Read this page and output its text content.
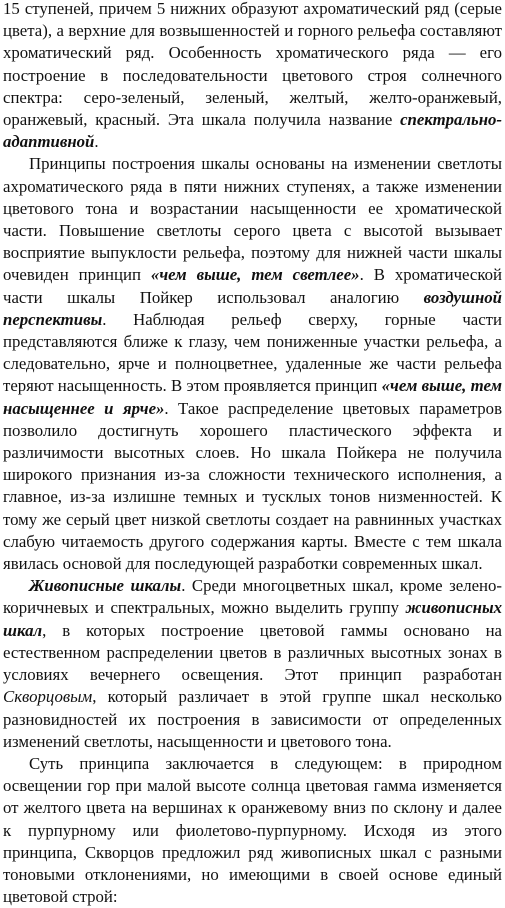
15 ступеней, причем 5 нижних образуют ахроматический ряд (серые цвета), а верхние для возвышенностей и горного рельефа составляют хроматический ряд. Особенность хроматического ряда — его построение в последовательности цветового строя солнечного спектра: серо-зеленый, зеленый, желтый, желто-оранжевый, оранжевый, красный. Эта шкала получила название спектрально-адаптивной.

Принципы построения шкалы основаны на изменении светлоты ахроматического ряда в пяти нижних ступенях, а также изменении цветового тона и возрастании насыщенности ее хроматической части. Повышение светлоты серого цвета с высотой вызывает восприятие выпуклости рельефа, поэтому для нижней части шкалы очевиден принцип «чем выше, тем светлее». В хроматической части шкалы Пойкер использовал аналогию воздушной перспективы. Наблюдая рельеф сверху, горные части представляются ближе к глазу, чем пониженные участки рельефа, а следовательно, ярче и полноцветнее, удаленные же части рельефа теряют насыщенность. В этом проявляется принцип «чем выше, тем насыщеннее и ярче». Такое распределение цветовых параметров позволило достигнуть хорошего пластического эффекта и различимости высотных слоев. Но шкала Пойкера не получила широкого признания из-за сложности технического исполнения, а главное, из-за излишне темных и тусклых тонов низменностей. К тому же серый цвет низкой светлоты создает на равнинных участках слабую читаемость другого содержания карты. Вместе с тем шкала явилась основой для последующей разработки современных шкал.

Живописные шкалы. Среди многоцветных шкал, кроме зелено-коричневых и спектральных, можно выделить группу живописных шкал, в которых построение цветовой гаммы основано на естественном распределении цветов в различных высотных зонах в условиях вечернего освещения. Этот принцип разработан Скворцовым, который различает в этой группе шкал несколько разновидностей их построения в зависимости от определенных изменений светлоты, насыщенности и цветового тона.

Суть принципа заключается в следующем: в природном освещении гор при малой высоте солнца цветовая гамма изменяется от желтого цвета на вершинах к оранжевому вниз по склону и далее к пурпурному или фиолетово-пурпурному. Исходя из этого принципа, Скворцов предложил ряд живописных шкал с разными тоновыми отклонениями, но имеющими в своей основе единый цветовой строй:
